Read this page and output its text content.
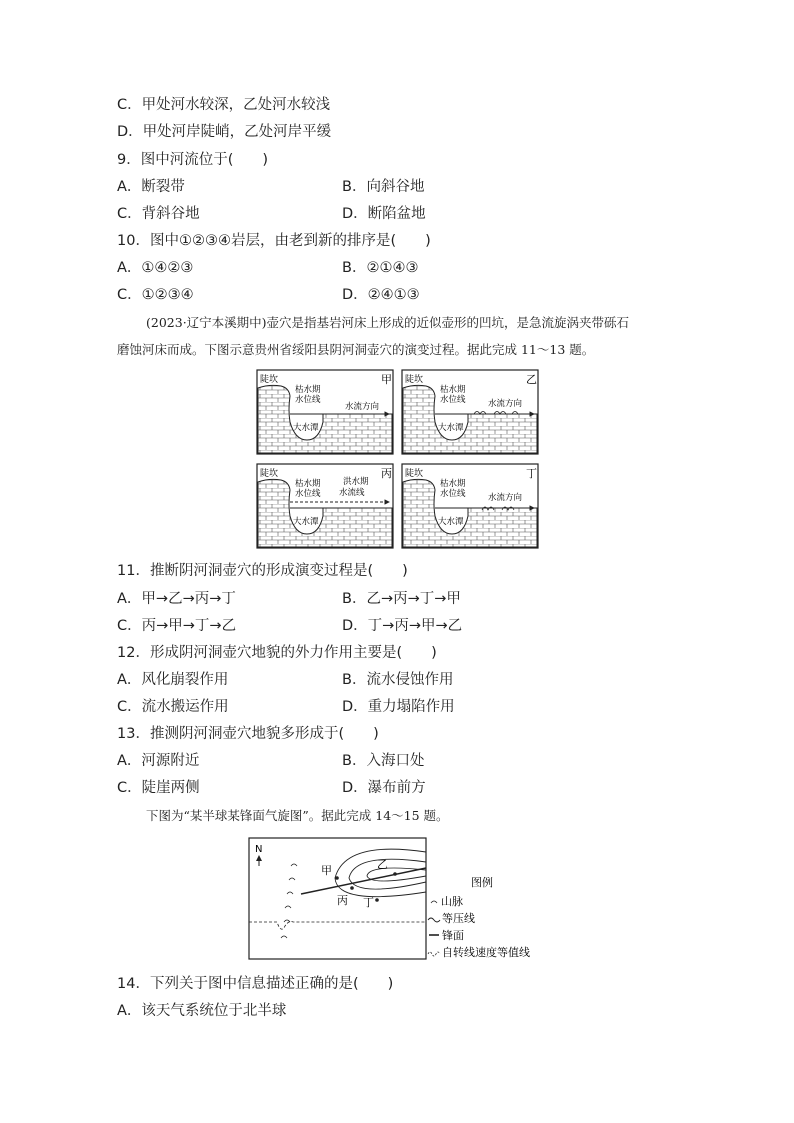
C．甲处河水较深，乙处河水较浅
D．甲处河岸陡峭，乙处河岸平缓
9．图中河流位于(　　)
A．断裂带	B．向斜谷地
C．背斜谷地	D．断陷盆地
10．图中①②③④岩层，由老到新的排序是(　　)
A．①④②③	B．②①④③
C．①②③④	D．②④①③
(2023·辽宁本溪期中)壶穴是指基岩河床上形成的近似壶形的凹坑，是急流旋涡夹带砾石
磨蚀河床而成。下图示意贵州省绥阳县阴河洞壶穴的演变过程。据此完成 11～13 题。
陡坎	甲
枯水期
水位线
水流方向
大水潭
陡坎	乙
枯水期
水位线	水流方向
大水潭
陡坎	丙
枯水期
水位线
洪水期
水流线
大水潭
陡坎	丁
枯水期
水位线	水流方向
大水潭
11．推断阴河洞壶穴的形成演变过程是(　　)
A．甲→乙→丙→丁	B．乙→丙→丁→甲
C．丙→甲→丁→乙	D．丁→丙→甲→乙
12．形成阴河洞壶穴地貌的外力作用主要是(　　)
A．风化崩裂作用	B．流水侵蚀作用
C．流水搬运作用	D．重力塌陷作用
13．推测阴河洞壶穴地貌多形成于(　　)
A．河源附近	B．入海口处
C．陡崖两侧	D．瀑布前方
下图为“某半球某锋面气旋图”。据此完成 14～15 题。
N
甲	乙
丙 丁
图例
山脉
等压线
锋面
自转线速度等值线
14．下列关于图中信息描述正确的是(　　)
A．该天气系统位于北半球
